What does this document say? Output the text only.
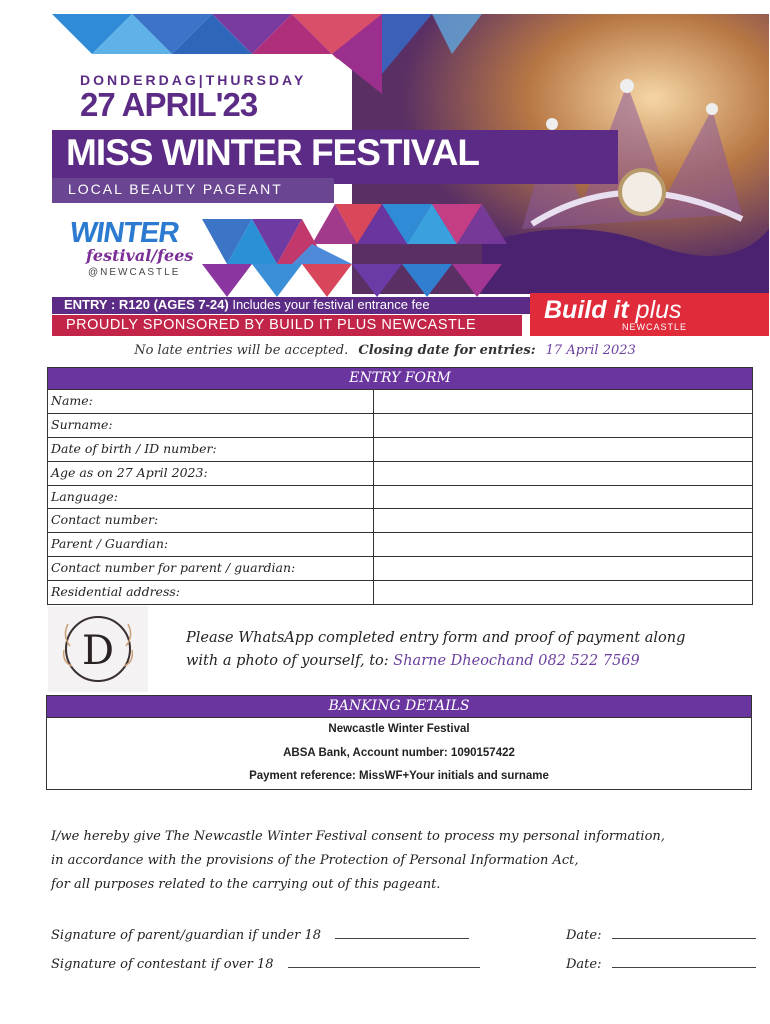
DONDERDAG|THURSDAY
27 APRIL'23
MISS WINTER FESTIVAL
LOCAL BEAUTY PAGEANT
WINTER
festival/fees
@NEWCASTLE
ENTRY : R120 (AGES 7-24) Includes your festival entrance fee
PROUDLY SPONSORED BY BUILD IT PLUS NEWCASTLE
Build it plus
NEWCASTLE
No late entries will be accepted. Closing date for entries: 17 April 2023
ENTRY FORM
Name:
Surname:
Date of birth / ID number:
Age as on 27 April 2023:
Language:
Contact number:
Parent / Guardian:
Contact number for parent / guardian:
Residential address:
D	Please WhatsApp completed entry form and proof of payment along
with a photo of yourself, to: Sharne Dheochand 082 522 7569
BANKING DETAILS
Newcastle Winter Festival
ABSA Bank, Account number: 1090157422
Payment reference: MissWF+Your initials and surname
I/we hereby give The Newcastle Winter Festival consent to process my personal information,
in accordance with the provisions of the Protection of Personal Information Act,
for all purposes related to the carrying out of this pageant.
Signature of parent/guardian if under 18	Date:
Signature of contestant if over 18	Date:
